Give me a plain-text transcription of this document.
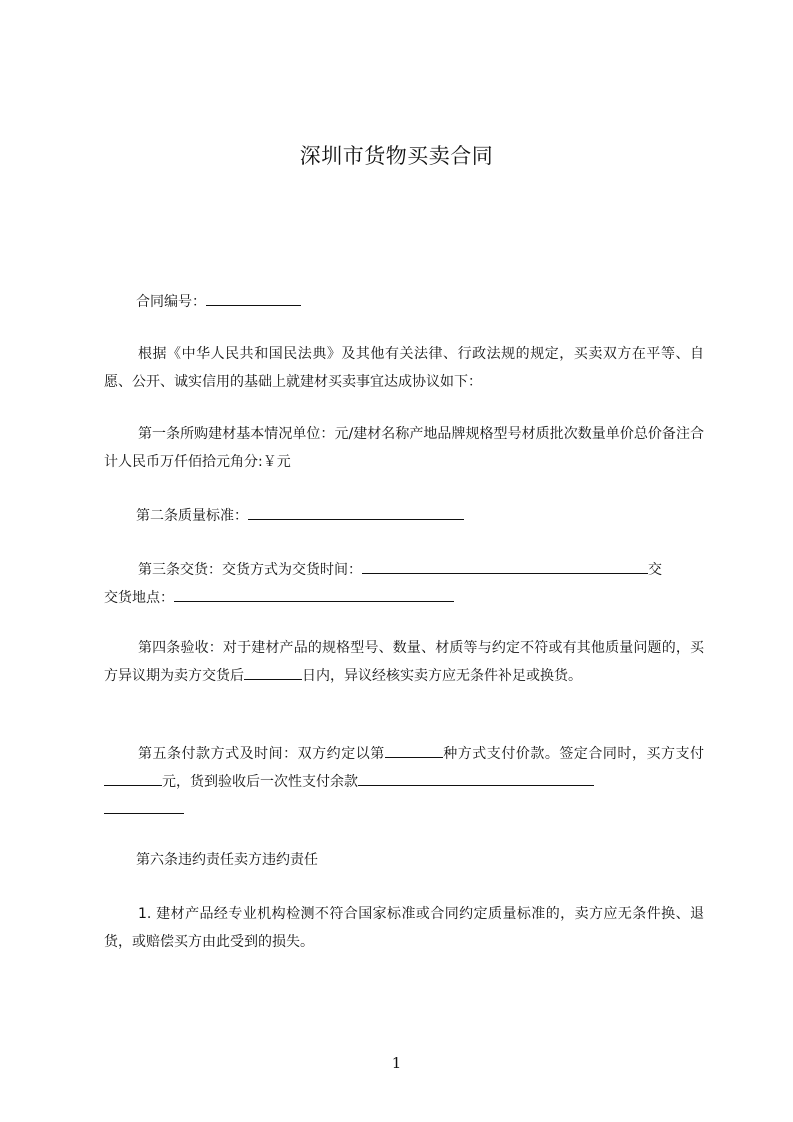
深圳市货物买卖合同
合同编号：
根据《中华人民共和国民法典》及其他有关法律、行政法规的规定，买卖双方在平等、自愿、公开、诚实信用的基础上就建材买卖事宜达成协议如下：
第一条所购建材基本情况单位：元/建材名称产地品牌规格型号材质批次数量单价总价备注合计人民币万仟佰拾元角分:￥元
第二条质量标准：
第三条交货：交货方式为交货时间：	交
交货地点：
第四条验收：对于建材产品的规格型号、数量、材质等与约定不符或有其他质量问题的，买方异议期为卖方交货后	日内，异议经核实卖方应无条件补足或换货。
第五条付款方式及时间：双方约定以第	种方式支付价款。签定合同时，买方支付元，货到验收后一次性支付余款

第六条违约责任卖方违约责任
1. 建材产品经专业机构检测不符合国家标准或合同约定质量标准的，卖方应无条件换、退货，或赔偿买方由此受到的损失。
1
